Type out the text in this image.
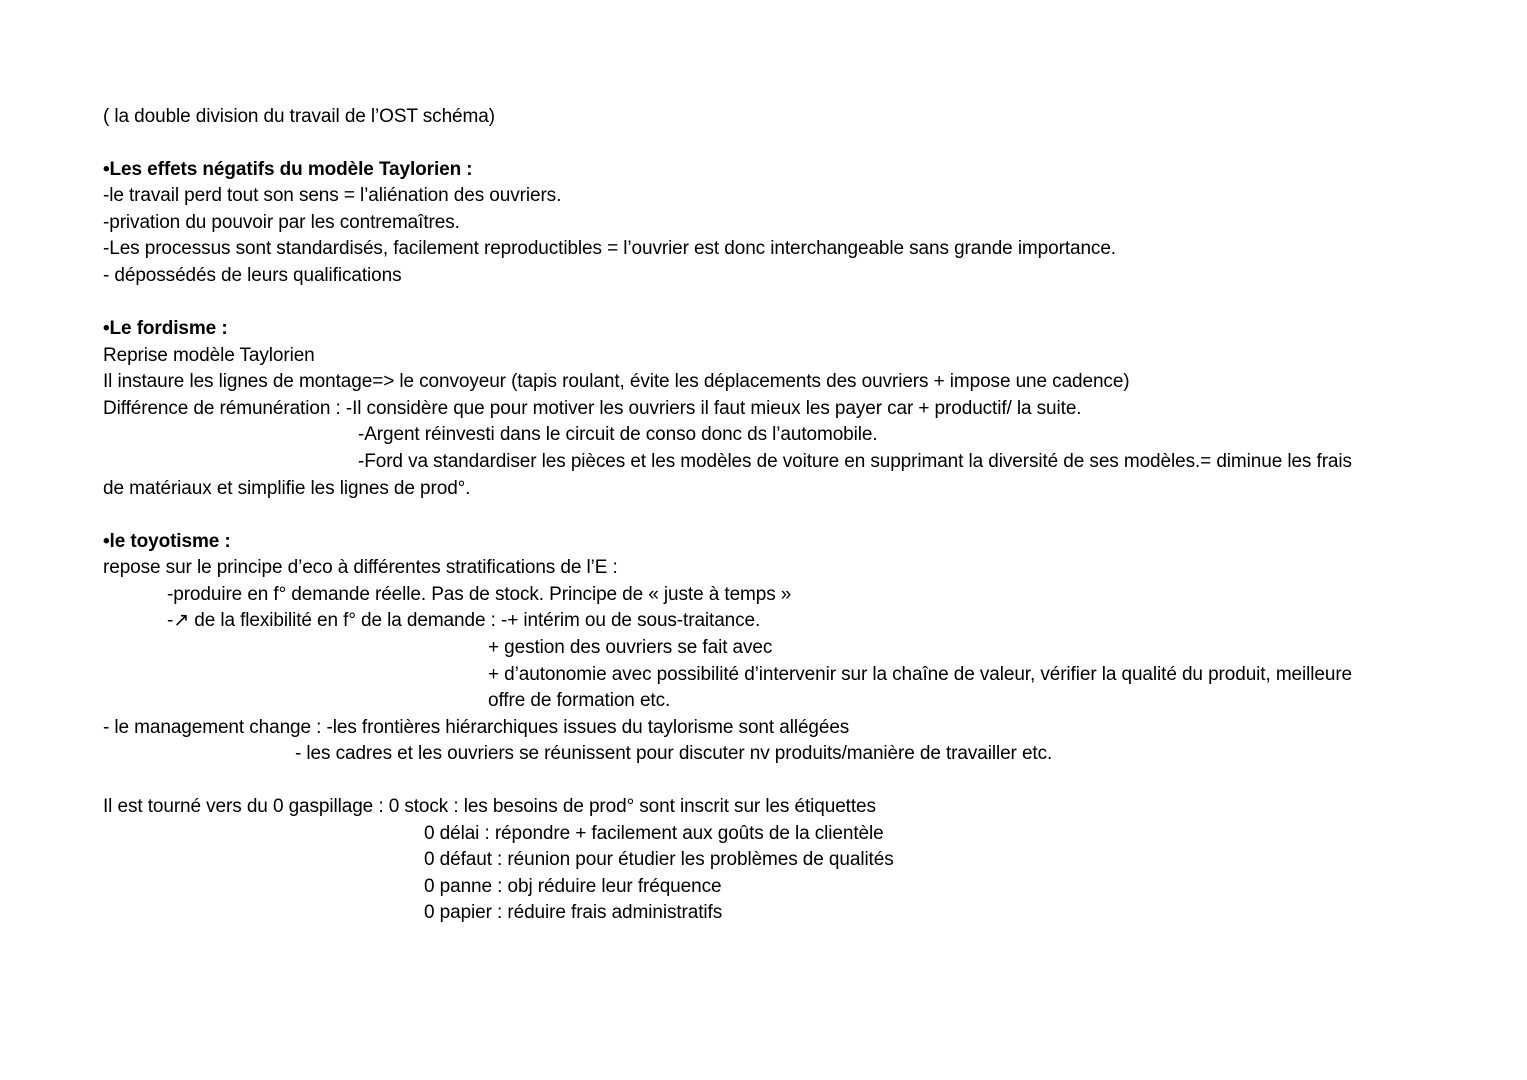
( la double division du travail de l’OST schéma)
•Les effets négatifs du modèle Taylorien :
-le travail perd tout son sens = l’aliénation des ouvriers.
-privation du pouvoir par les contremaîtres.
-Les processus sont standardisés, facilement reproductibles = l’ouvrier est donc interchangeable sans grande importance.
- dépossédés de leurs qualifications
•Le fordisme :
Reprise modèle Taylorien
Il instaure les lignes de montage=> le convoyeur (tapis roulant, évite les déplacements des ouvriers + impose une cadence)
Différence de rémunération : -Il considère que pour motiver les ouvriers il faut mieux les payer car + productif/ la suite.
-Argent réinvesti dans le circuit de conso donc ds l’automobile.
-Ford va standardiser les pièces et les modèles de voiture en supprimant la diversité de ses modèles.= diminue les frais
de matériaux et simplifie les lignes de prod°.
•le toyotisme :
repose sur le principe d’eco à différentes stratifications de l’E :
-produire en f° demande réelle. Pas de stock. Principe de « juste à temps »
-↗ de la flexibilité en f° de la demande : -+ intérim ou de sous-traitance.
+ gestion des ouvriers se fait avec
+ d’autonomie avec possibilité d’intervenir sur la chaîne de valeur, vérifier la qualité du produit, meilleure
offre de formation etc.
- le management change : -les frontières hiérarchiques issues du taylorisme sont allégées
- les cadres et les ouvriers se réunissent pour discuter nv produits/manière de travailler etc.
Il est tourné vers du 0 gaspillage : 0 stock : les besoins de prod° sont inscrit sur les étiquettes
0 délai : répondre + facilement aux goûts de la clientèle
0 défaut : réunion pour étudier les problèmes de qualités
0 panne : obj réduire leur fréquence
0 papier : réduire frais administratifs
